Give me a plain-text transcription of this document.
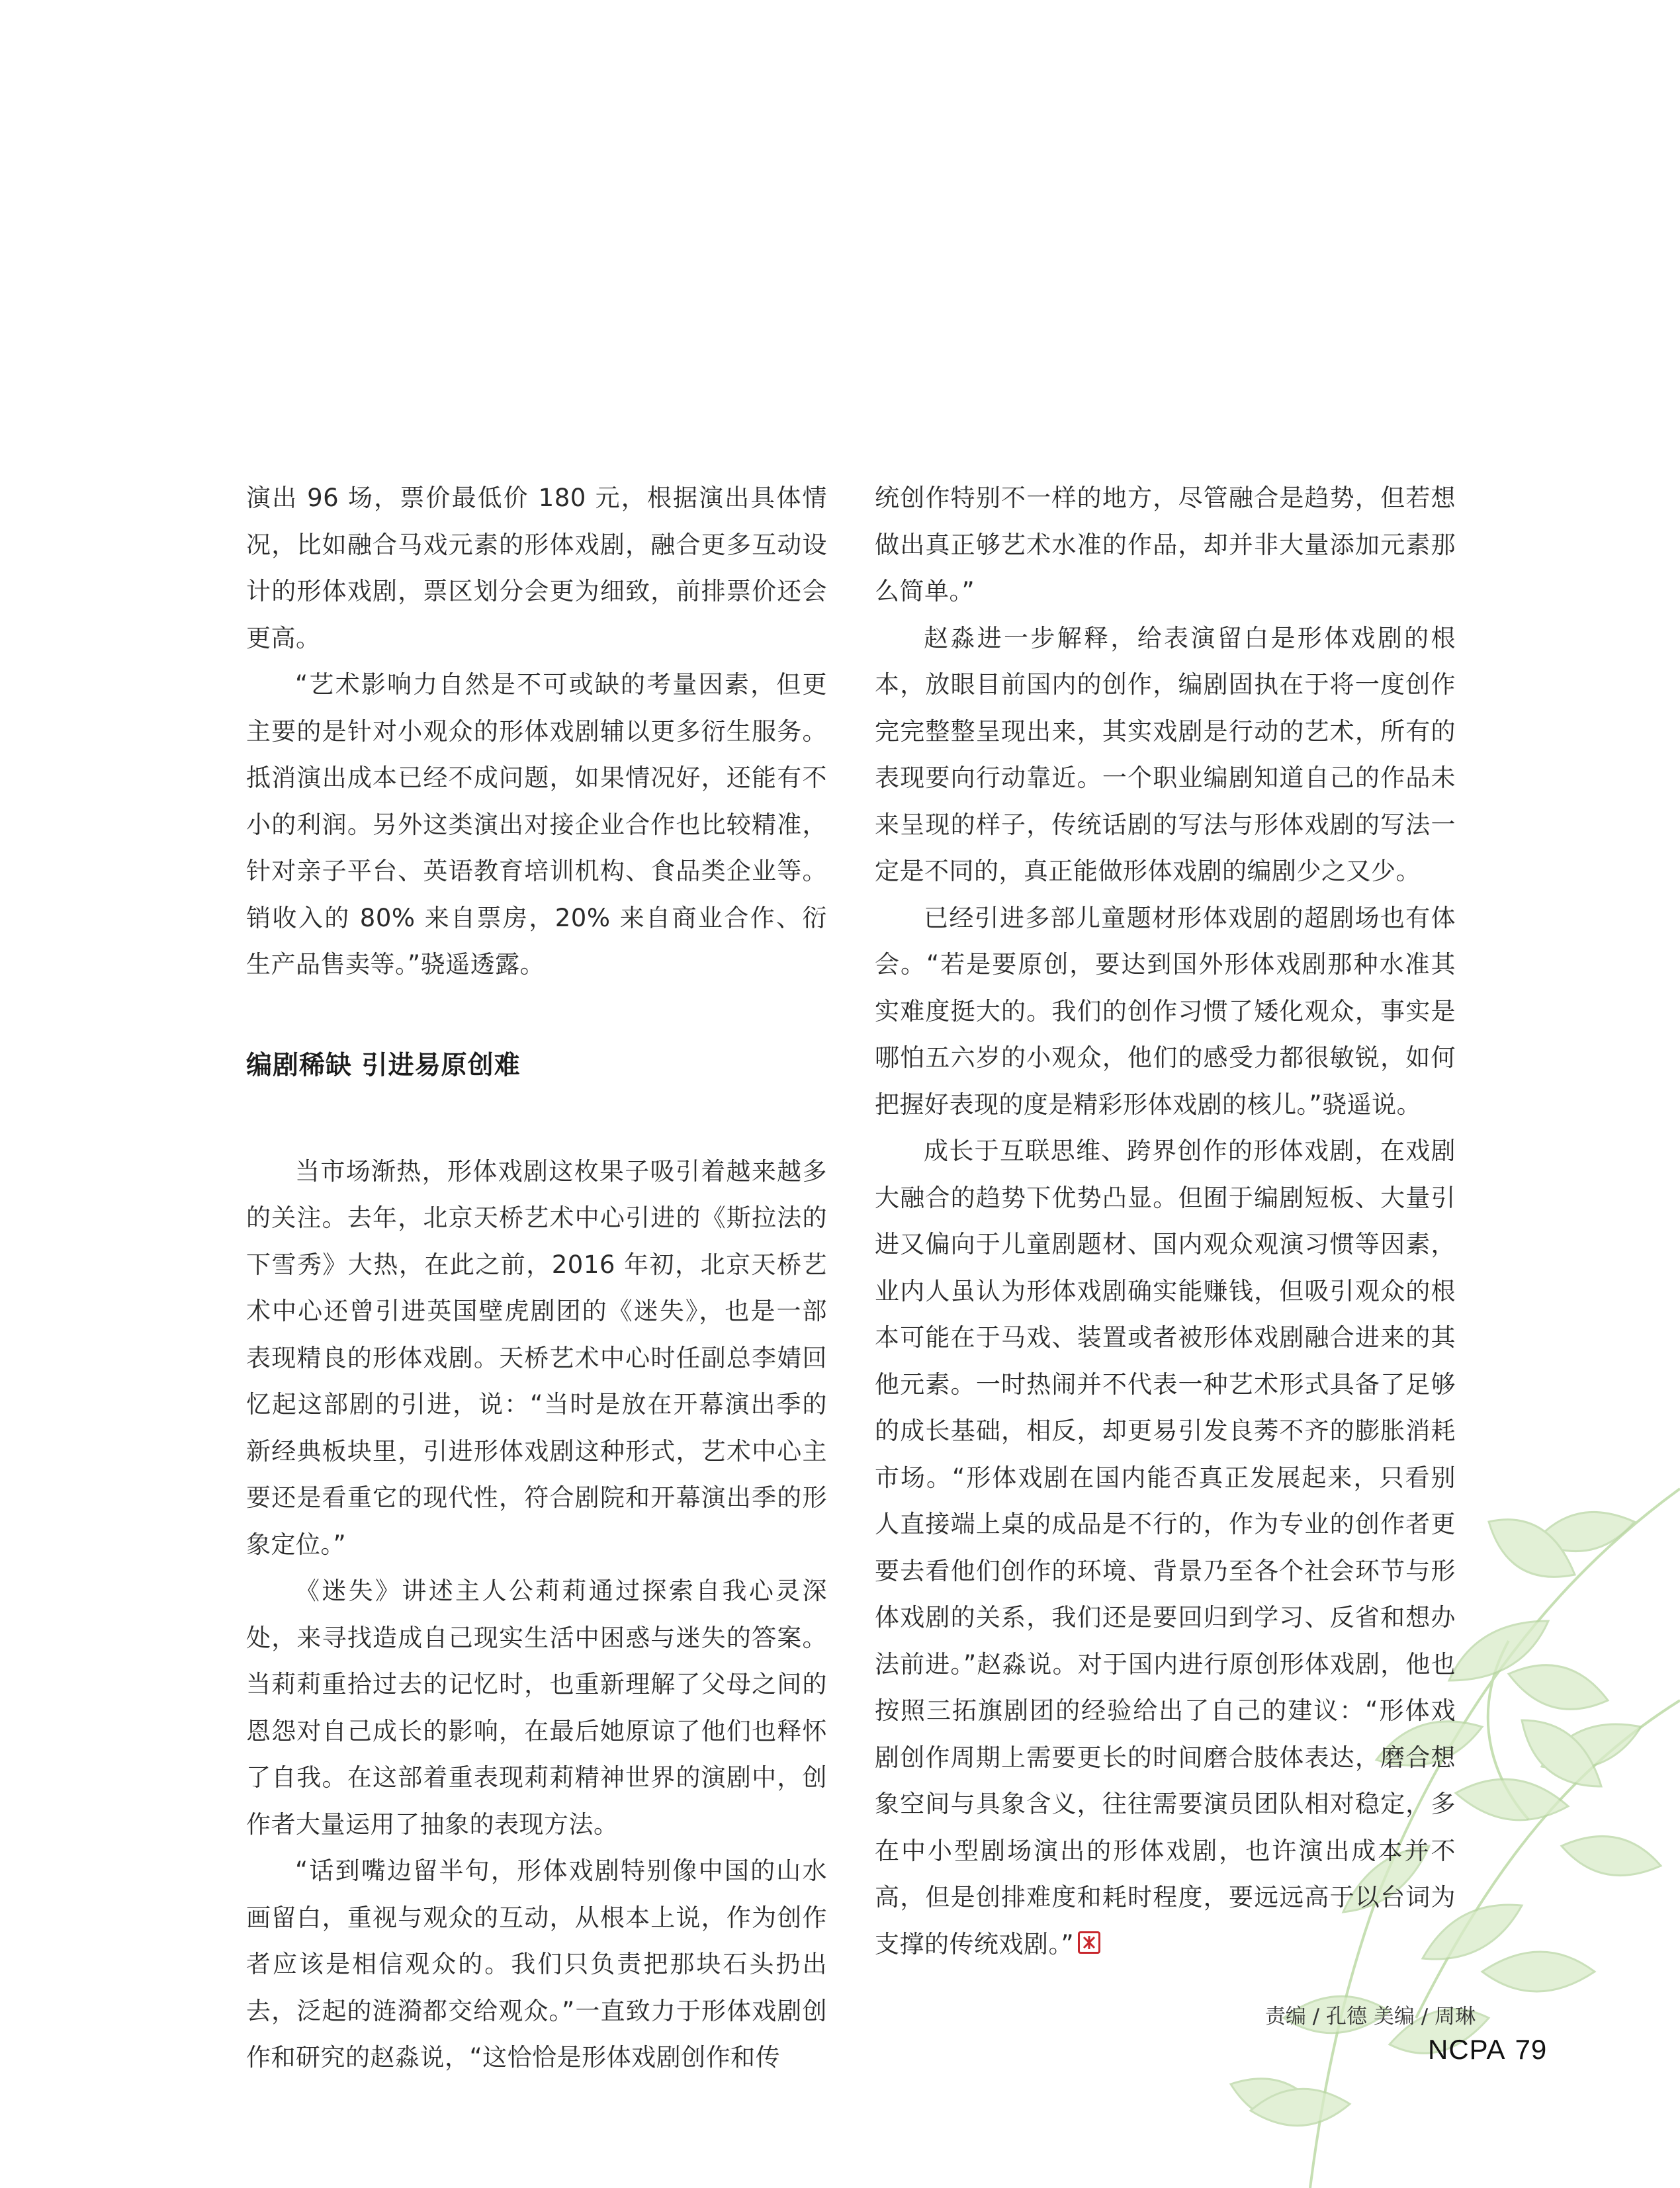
演出 96 场，票价最低价 180 元，根据演出具体情况，比如融合马戏元素的形体戏剧，融合更多互动设计的形体戏剧，票区划分会更为细致，前排票价还会更高。

“艺术影响力自然是不可或缺的考量因素，但更主要的是针对小观众的形体戏剧辅以更多衍生服务。抵消演出成本已经不成问题，如果情况好，还能有不小的利润。另外这类演出对接企业合作也比较精准，针对亲子平台、英语教育培训机构、食品类企业等。销收入的 80% 来自票房，20% 来自商业合作、衍生产品售卖等。”骁遥透露。

编剧稀缺 引进易原创难

当市场渐热，形体戏剧这枚果子吸引着越来越多的关注。去年，北京天桥艺术中心引进的《斯拉法的下雪秀》大热，在此之前，2016 年初，北京天桥艺术中心还曾引进英国壁虎剧团的《迷失》，也是一部表现精良的形体戏剧。天桥艺术中心时任副总李婧回忆起这部剧的引进，说：“当时是放在开幕演出季的新经典板块里，引进形体戏剧这种形式，艺术中心主要还是看重它的现代性，符合剧院和开幕演出季的形象定位。”

《迷失》讲述主人公莉莉通过探索自我心灵深处，来寻找造成自己现实生活中困惑与迷失的答案。当莉莉重拾过去的记忆时，也重新理解了父母之间的恩怨对自己成长的影响，在最后她原谅了他们也释怀了自我。在这部着重表现莉莉精神世界的演剧中，创作者大量运用了抽象的表现方法。

“话到嘴边留半句，形体戏剧特别像中国的山水画留白，重视与观众的互动，从根本上说，作为创作者应该是相信观众的。我们只负责把那块石头扔出去，泛起的涟漪都交给观众。”一直致力于形体戏剧创作和研究的赵淼说，“这恰恰是形体戏剧创作和传

统创作特别不一样的地方，尽管融合是趋势，但若想做出真正够艺术水准的作品，却并非大量添加元素那么简单。”

赵淼进一步解释，给表演留白是形体戏剧的根本，放眼目前国内的创作，编剧固执在于将一度创作完完整整呈现出来，其实戏剧是行动的艺术，所有的表现要向行动靠近。一个职业编剧知道自己的作品未来呈现的样子，传统话剧的写法与形体戏剧的写法一定是不同的，真正能做形体戏剧的编剧少之又少。

已经引进多部儿童题材形体戏剧的超剧场也有体会。“若是要原创，要达到国外形体戏剧那种水准其实难度挺大的。我们的创作习惯了矮化观众，事实是哪怕五六岁的小观众，他们的感受力都很敏锐，如何把握好表现的度是精彩形体戏剧的核儿。”骁遥说。

成长于互联思维、跨界创作的形体戏剧，在戏剧大融合的趋势下优势凸显。但囿于编剧短板、大量引进又偏向于儿童剧题材、国内观众观演习惯等因素，业内人虽认为形体戏剧确实能赚钱，但吸引观众的根本可能在于马戏、装置或者被形体戏剧融合进来的其他元素。一时热闹并不代表一种艺术形式具备了足够的成长基础，相反，却更易引发良莠不齐的膨胀消耗市场。“形体戏剧在国内能否真正发展起来，只看别人直接端上桌的成品是不行的，作为专业的创作者更要去看他们创作的环境、背景乃至各个社会环节与形体戏剧的关系，我们还是要回归到学习、反省和想办法前进。”赵淼说。对于国内进行原创形体戏剧，他也按照三拓旗剧团的经验给出了自己的建议：“形体戏剧创作周期上需要更长的时间磨合肢体表达，磨合想象空间与具象含义，往往需要演员团队相对稳定，多在中小型剧场演出的形体戏剧，也许演出成本并不高，但是创排难度和耗时程度，要远远高于以台词为支撑的传统戏剧。”

责编 / 孔德 美编 / 周琳
NCPA 79
